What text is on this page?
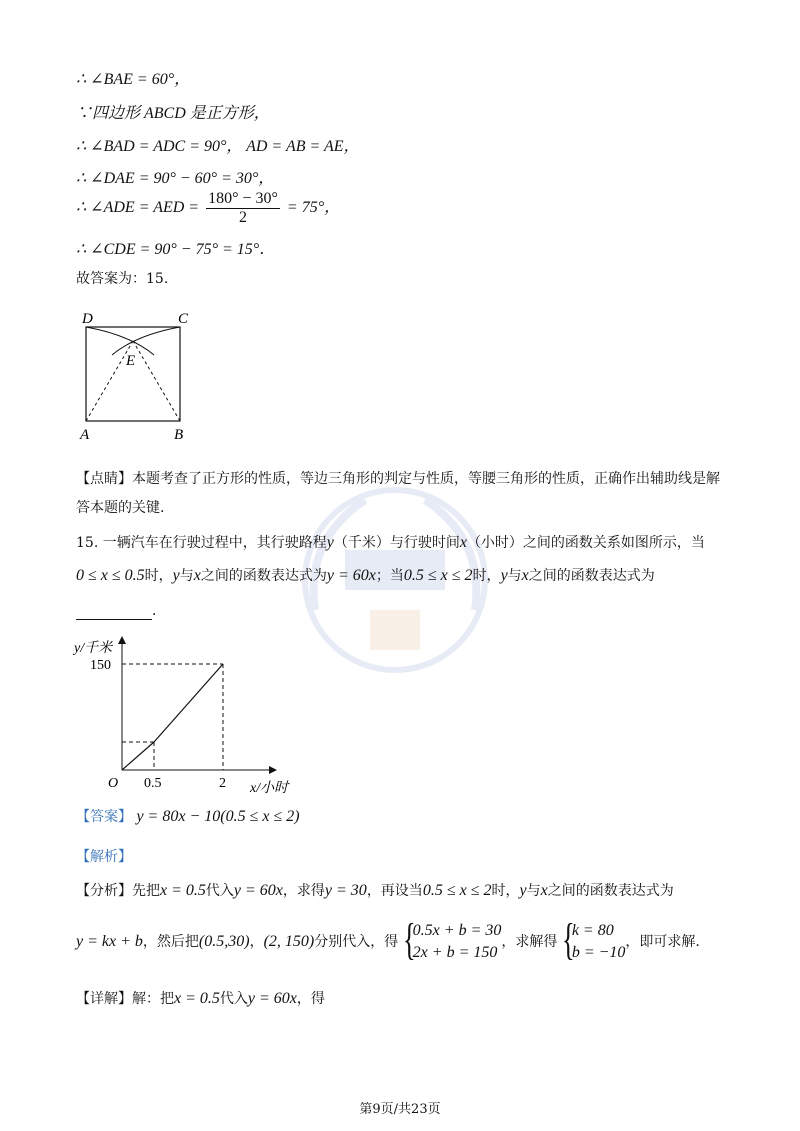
∴ ∠BAE = 60°，
∵四边形 ABCD 是正方形，
∴ ∠BAD = ADC = 90°， AD = AB = AE，
∴ ∠DAE = 90° − 60° = 30°，
∴ ∠ADE = AED = $\frac{180^\circ - 30^\circ}{2} = 75^\circ$，
∴ ∠CDE = 90° − 75° = 15°．
故答案为：15.
D	C
E
A	B
【点睛】本题考查了正方形的性质，等边三角形的判定与性质，等腰三角形的性质，正确作出辅助线是解
答本题的关键.
15. 一辆汽车在行驶过程中，其行驶路程y（千米）与行驶时间x（小时）之间的函数关系如图所示，当
0 ≤ x ≤ 0.5时，y与x之间的函数表达式为y = 60x；当0.5 ≤ x ≤ 2时，y与x之间的函数表达式为
．
y/千米
150
O 0.5	2 x/小时
【答案】 y = 80x − 10(0.5 ≤ x ≤ 2)
【解析】
【分析】先把x = 0.5代入y = 60x，求得y = 30，再设当0.5 ≤ x ≤ 2时，y与x之间的函数表达式为
y = kx + b，然后把(0.5,30)，(2, 150)分别代入，得 {
0.5x + b = 30
2x + b = 150
，求解得 {
k = 80
b = −10
，即可求解.
【详解】解：把x = 0.5代入y = 60x，得
第9页/共23页
